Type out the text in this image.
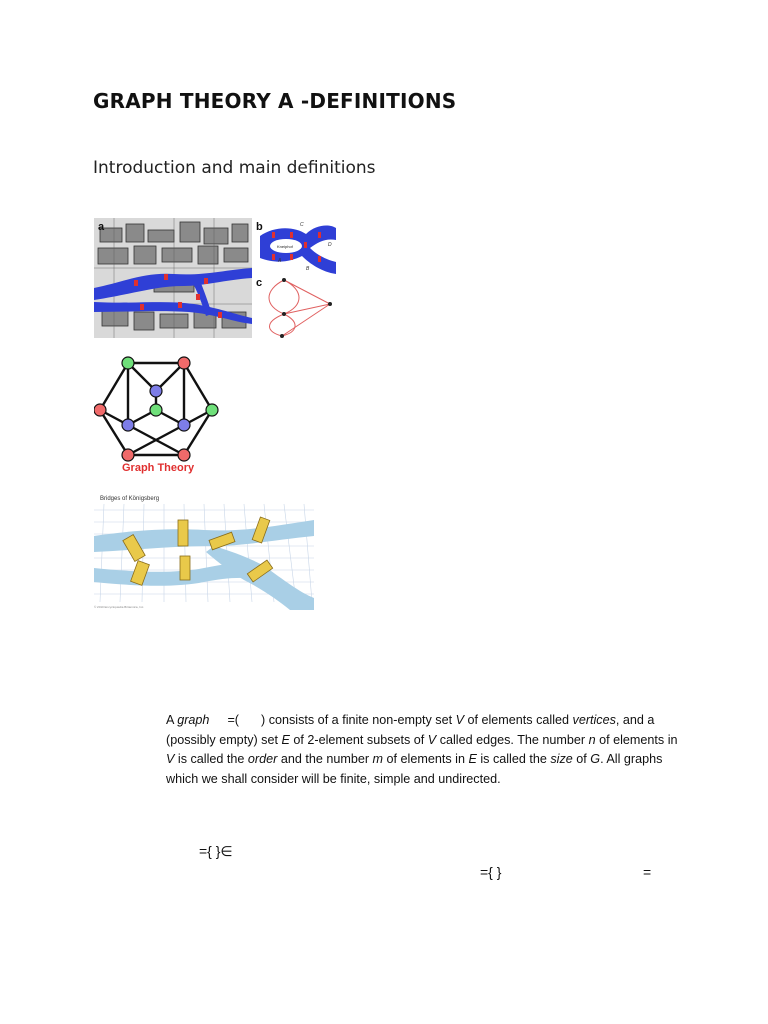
GRAPH THEORY A -DEFINITIONS
Introduction and main definitions
a	b
Kneiphof
C
A
B
D
c
Graph Theory
Bridges of Königsberg
© 2010 Encyclopædia Britannica, Inc.
A graph =( ) consists of a finite non-empty set V of elements called vertices, and a (possibly empty) set E of 2-element subsets of V called edges. The number n of elements in V is called the order and the number m of elements in E is called the size of G. All graphs which we shall consider will be finite, simple and undirected.
={ }∈
={ }	=
